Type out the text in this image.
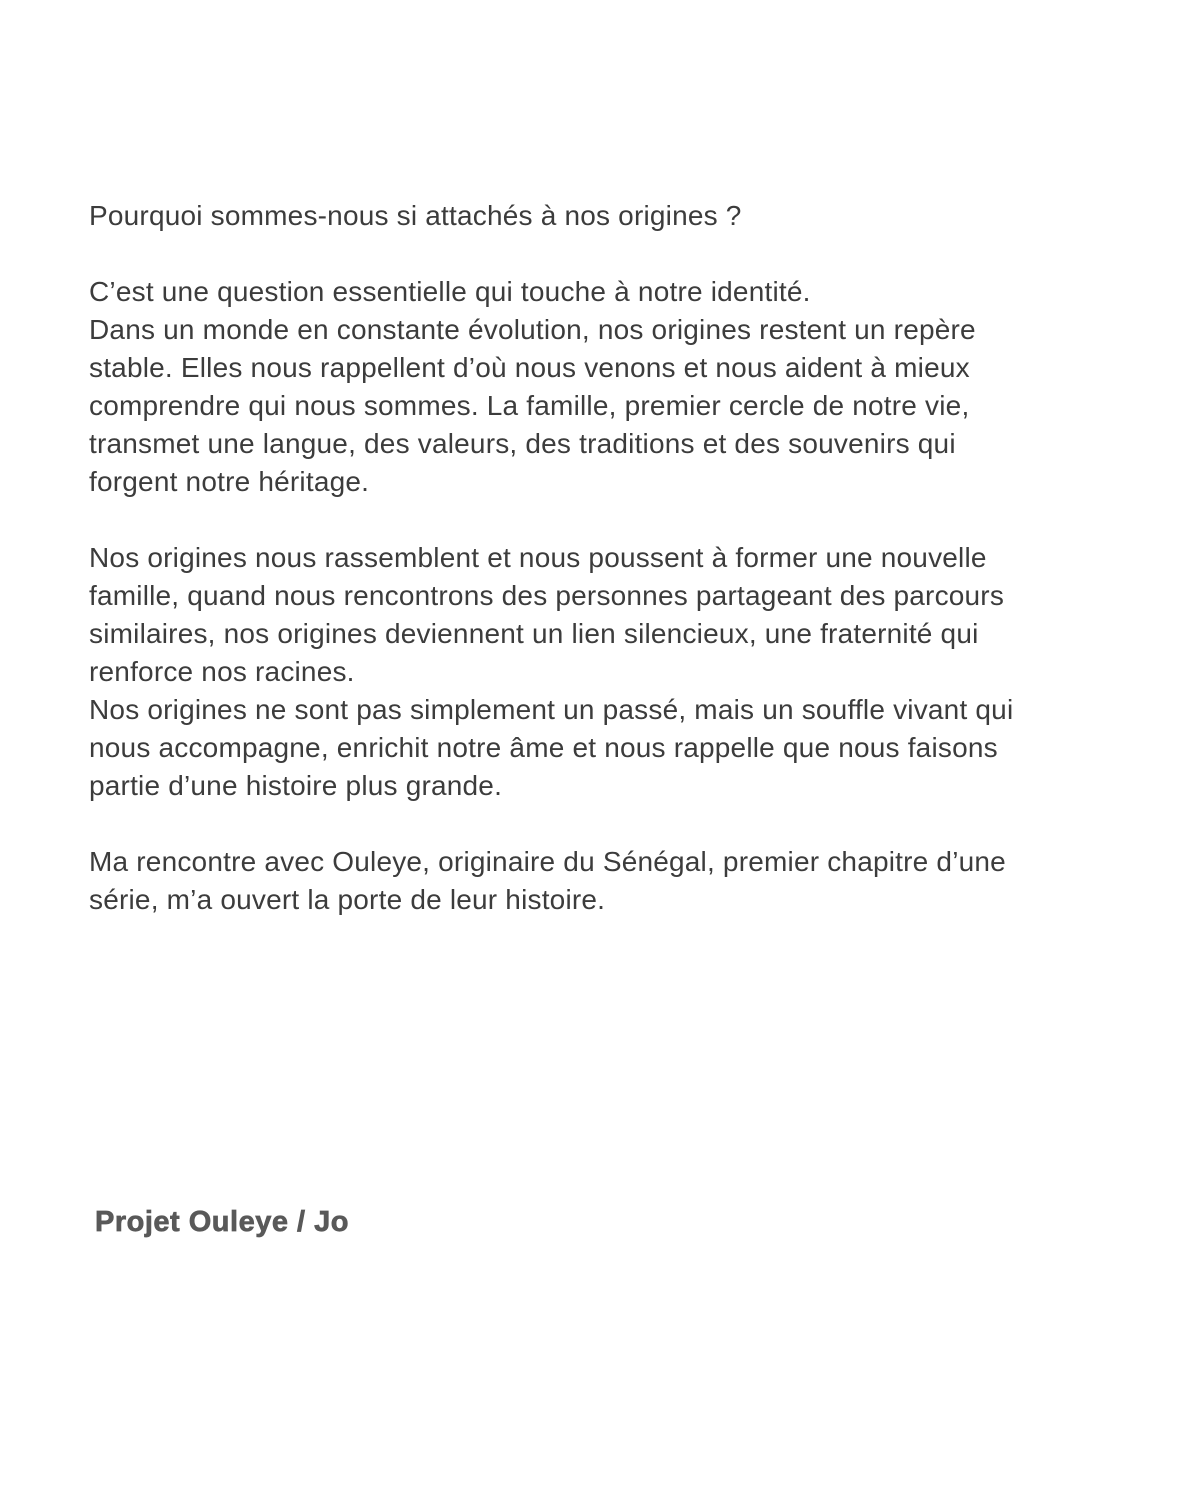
Pourquoi sommes-nous si attachés à nos origines ?
C’est une question essentielle qui touche à notre identité.
Dans un monde en constante évolution, nos origines restent un repère
stable. Elles nous rappellent d’où nous venons et nous aident à mieux
comprendre qui nous sommes. La famille, premier cercle de notre vie,
transmet une langue, des valeurs, des traditions et des souvenirs qui
forgent notre héritage.
Nos origines nous rassemblent et nous poussent à former une nouvelle
famille, quand nous rencontrons des personnes partageant des parcours
similaires, nos origines deviennent un lien silencieux, une fraternité qui
renforce nos racines.
Nos origines ne sont pas simplement un passé, mais un souffle vivant qui
nous accompagne, enrichit notre âme et nous rappelle que nous faisons
partie d’une histoire plus grande.
Ma rencontre avec Ouleye, originaire du Sénégal, premier chapitre d’une
série, m’a ouvert la porte de leur histoire.
Projet Ouleye / Jo
